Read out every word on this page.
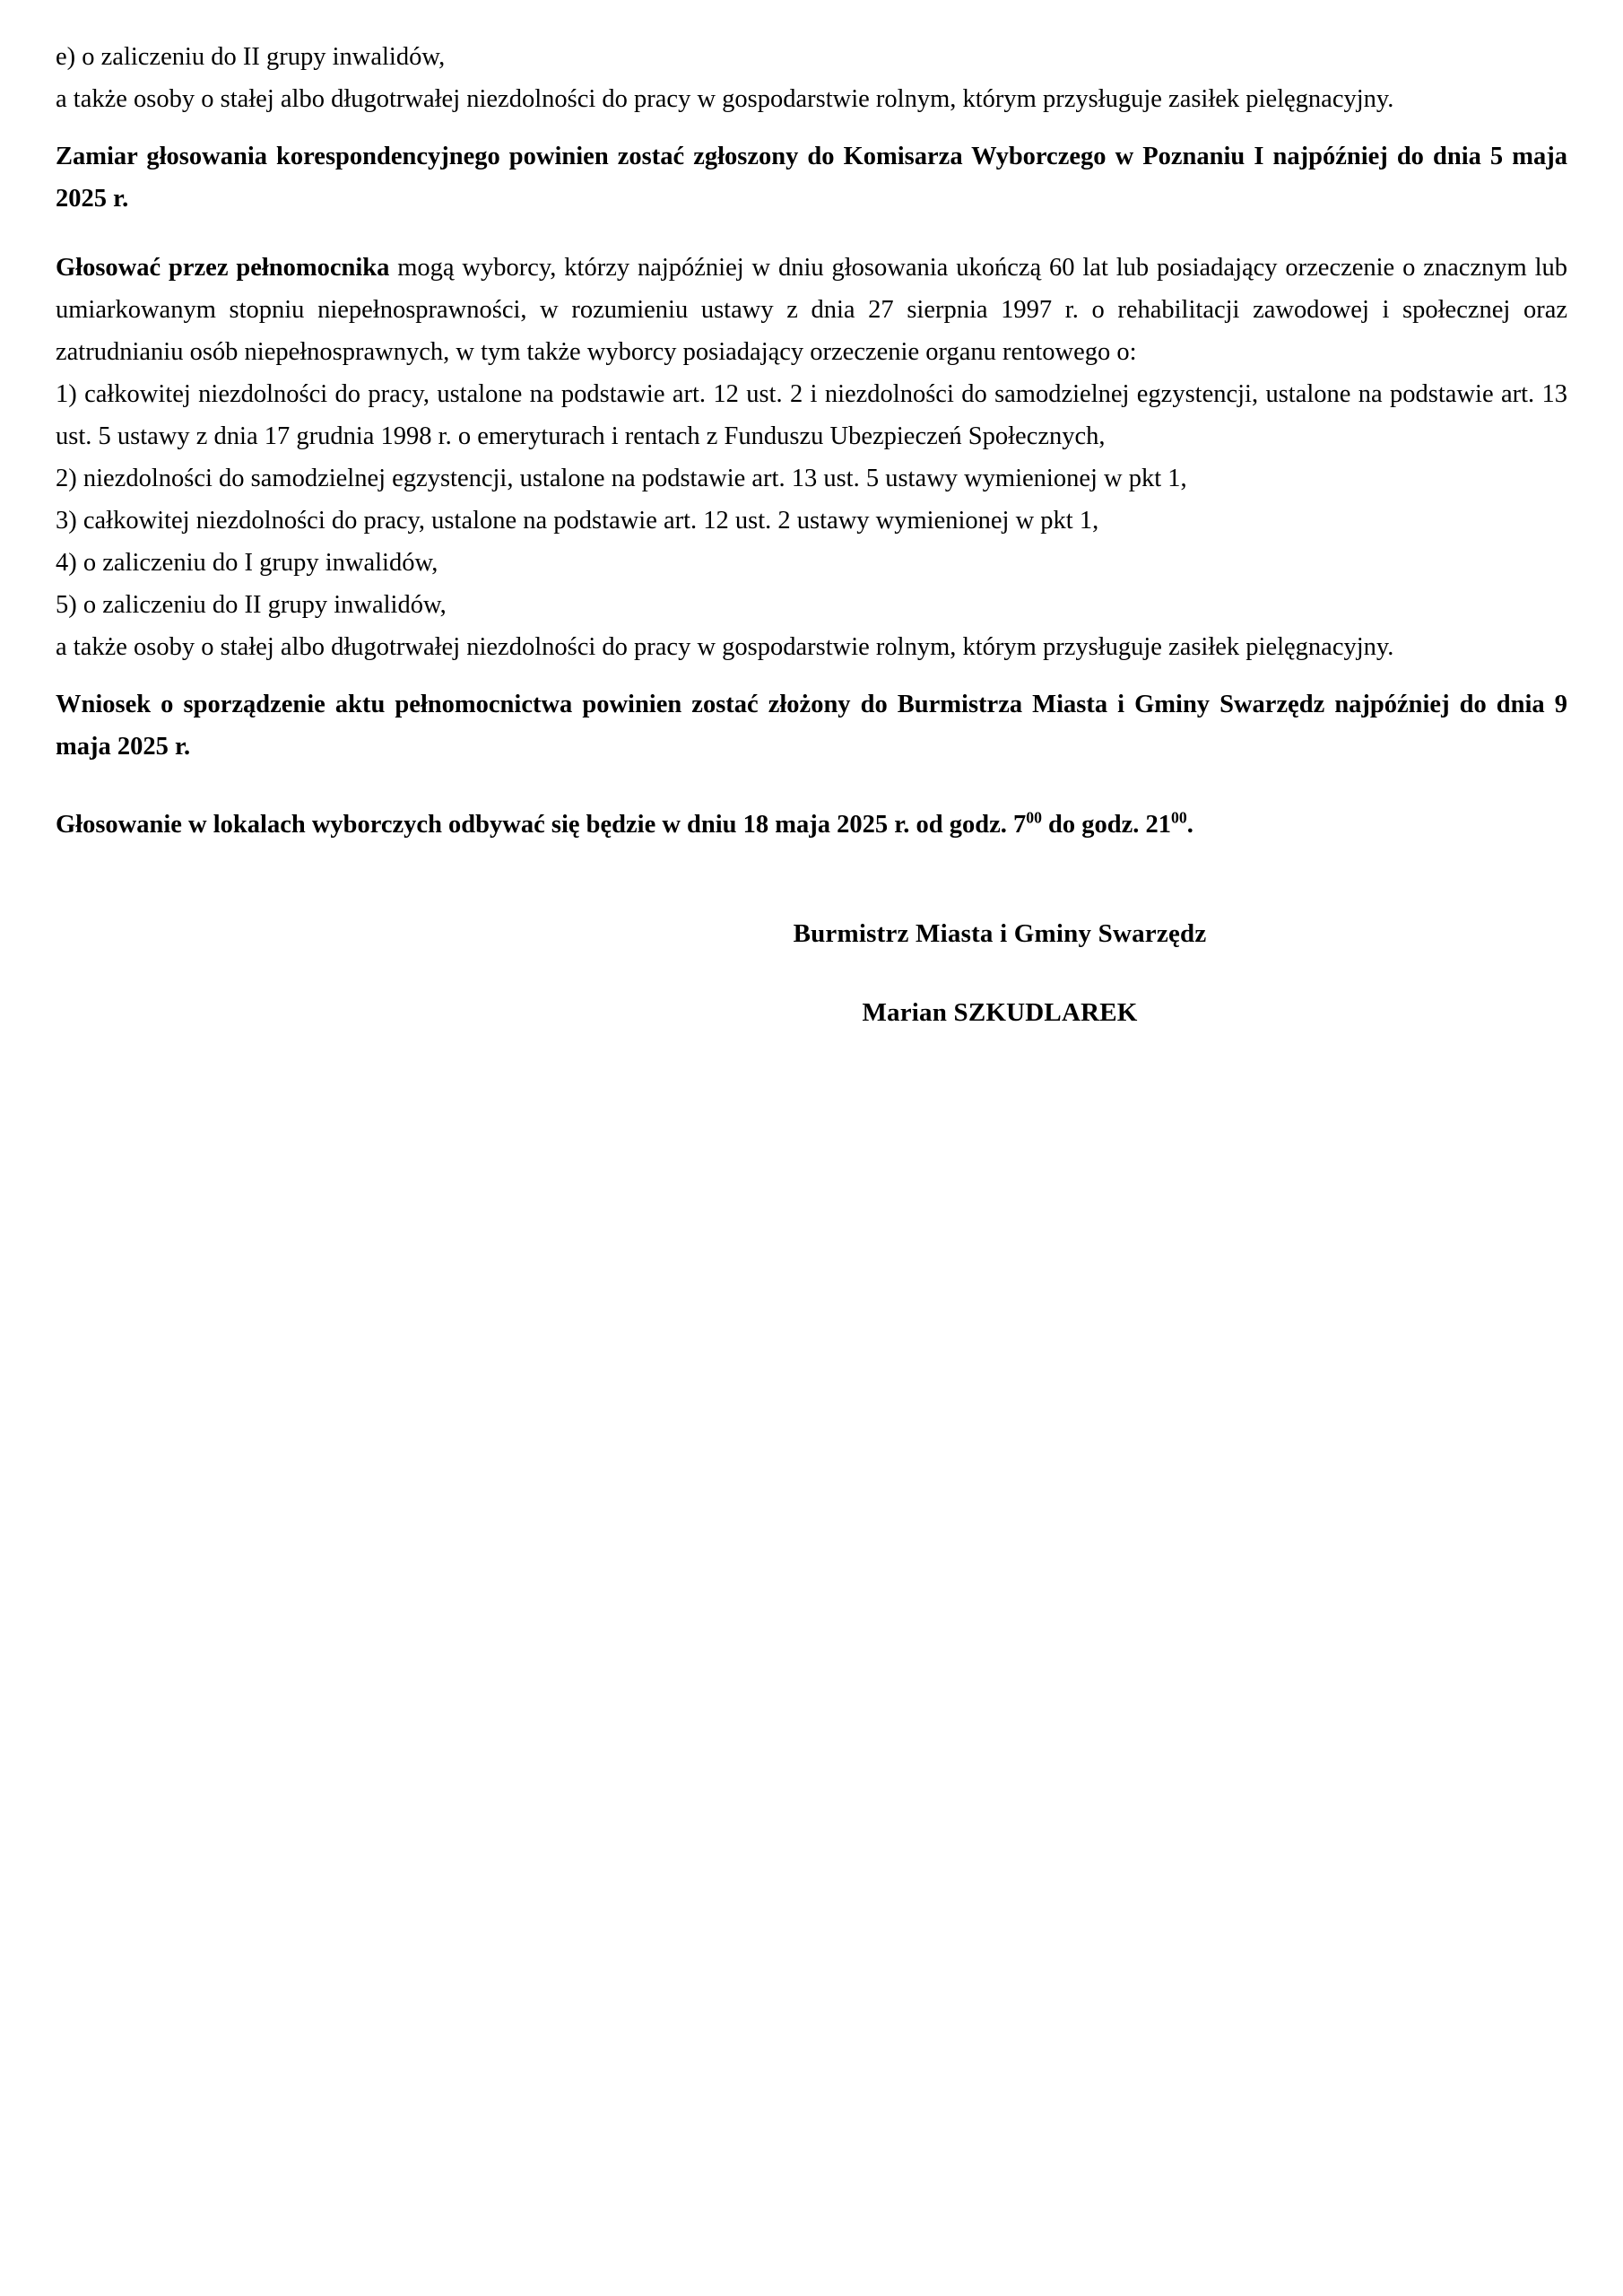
e) o zaliczeniu do II grupy inwalidów,

a także osoby o stałej albo długotrwałej niezdolności do pracy w gospodarstwie rolnym, którym przysługuje zasiłek pielęgnacyjny.

Zamiar głosowania korespondencyjnego powinien zostać zgłoszony do Komisarza Wyborczego w Poznaniu I najpóźniej do dnia 5 maja 2025 r.

Głosować przez pełnomocnika mogą wyborcy, którzy najpóźniej w dniu głosowania ukończą 60 lat lub posiadający orzeczenie o znacznym lub umiarkowanym stopniu niepełnosprawności, w rozumieniu ustawy z dnia 27 sierpnia 1997 r. o rehabilitacji zawodowej i społecznej oraz zatrudnianiu osób niepełnosprawnych, w tym także wyborcy posiadający orzeczenie organu rentowego o:

1) całkowitej niezdolności do pracy, ustalone na podstawie art. 12 ust. 2 i niezdolności do samodzielnej egzystencji, ustalone na podstawie art. 13 ust. 5 ustawy z dnia 17 grudnia 1998 r. o emeryturach i rentach z Funduszu Ubezpieczeń Społecznych,

2) niezdolności do samodzielnej egzystencji, ustalone na podstawie art. 13 ust. 5 ustawy wymienionej w pkt 1,

3) całkowitej niezdolności do pracy, ustalone na podstawie art. 12 ust. 2 ustawy wymienionej w pkt 1,

4) o zaliczeniu do I grupy inwalidów,

5) o zaliczeniu do II grupy inwalidów,

a także osoby o stałej albo długotrwałej niezdolności do pracy w gospodarstwie rolnym, którym przysługuje zasiłek pielęgnacyjny.

Wniosek o sporządzenie aktu pełnomocnictwa powinien zostać złożony do Burmistrza Miasta i Gminy Swarzędz najpóźniej do dnia 9 maja 2025 r.

Głosowanie w lokalach wyborczych odbywać się będzie w dniu 18 maja 2025 r. od godz. $7^{00}$ do godz. $21^{00}$.

Burmistrz Miasta i Gminy Swarzędz
Marian SZKUDLAREK
